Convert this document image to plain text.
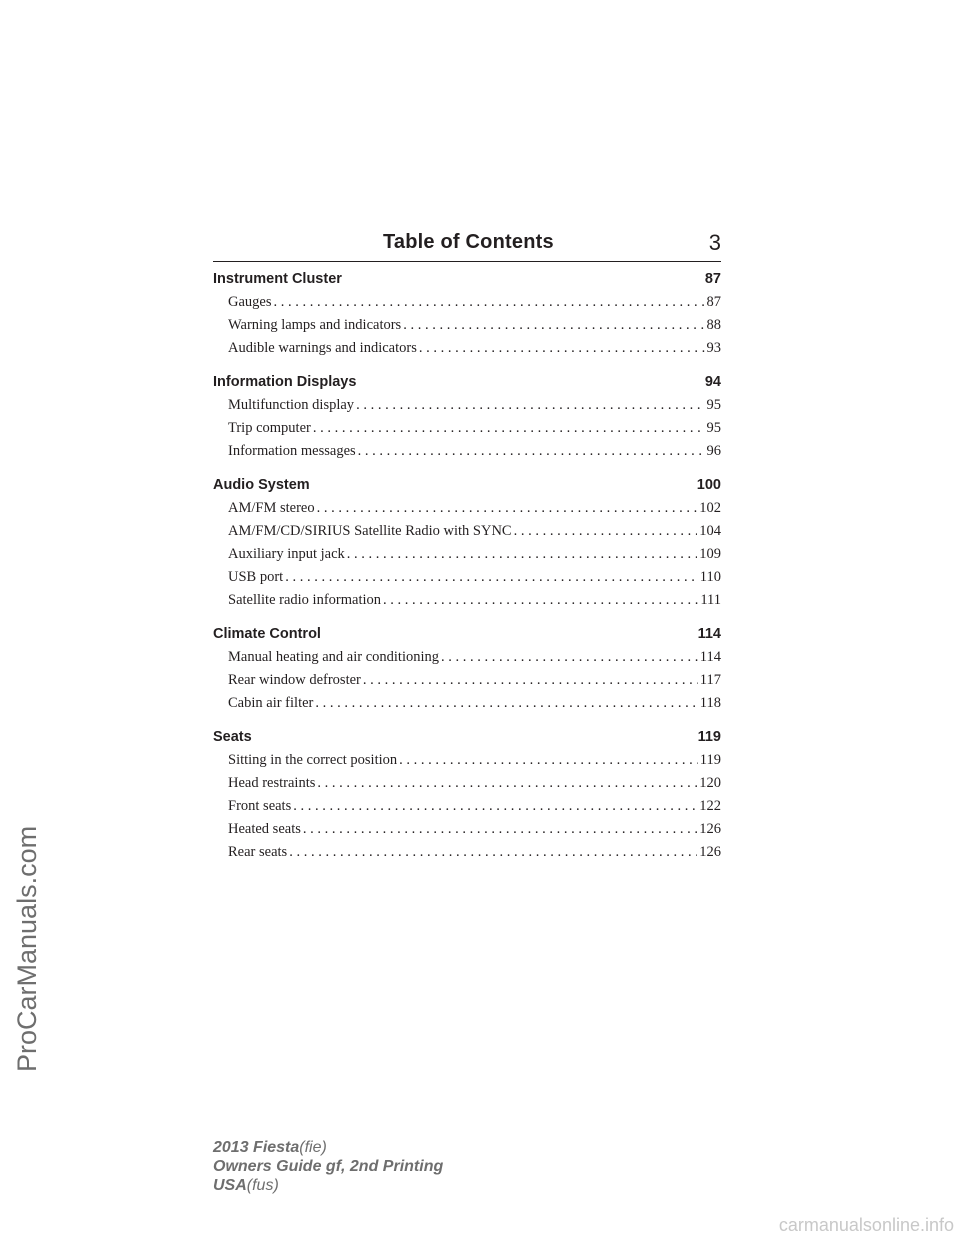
Table of Contents	3
Instrument Cluster	87
Gauges . . .	87
Warning lamps and indicators . . .	88
Audible warnings and indicators . . .	93
Information Displays	94
Multifunction display . . .	95
Trip computer . . .	95
Information messages . . .	96
Audio System	100
AM/FM stereo . . .	102
AM/FM/CD/SIRIUS Satellite Radio with SYNC . . .	104
Auxiliary input jack . . .	109
USB port . . .	110
Satellite radio information . . .	111
Climate Control	114
Manual heating and air conditioning . . .	114
Rear window defroster . . .	117
Cabin air filter . . .	118
Seats	119
Sitting in the correct position . . .	119
Head restraints . . .	120
Front seats . . .	122
Heated seats . . .	126
Rear seats . . .	126
ProCarManuals.com
2013 Fiesta(fie)
Owners Guide gf, 2nd Printing
USA(fus)
carmanualsonline.info
